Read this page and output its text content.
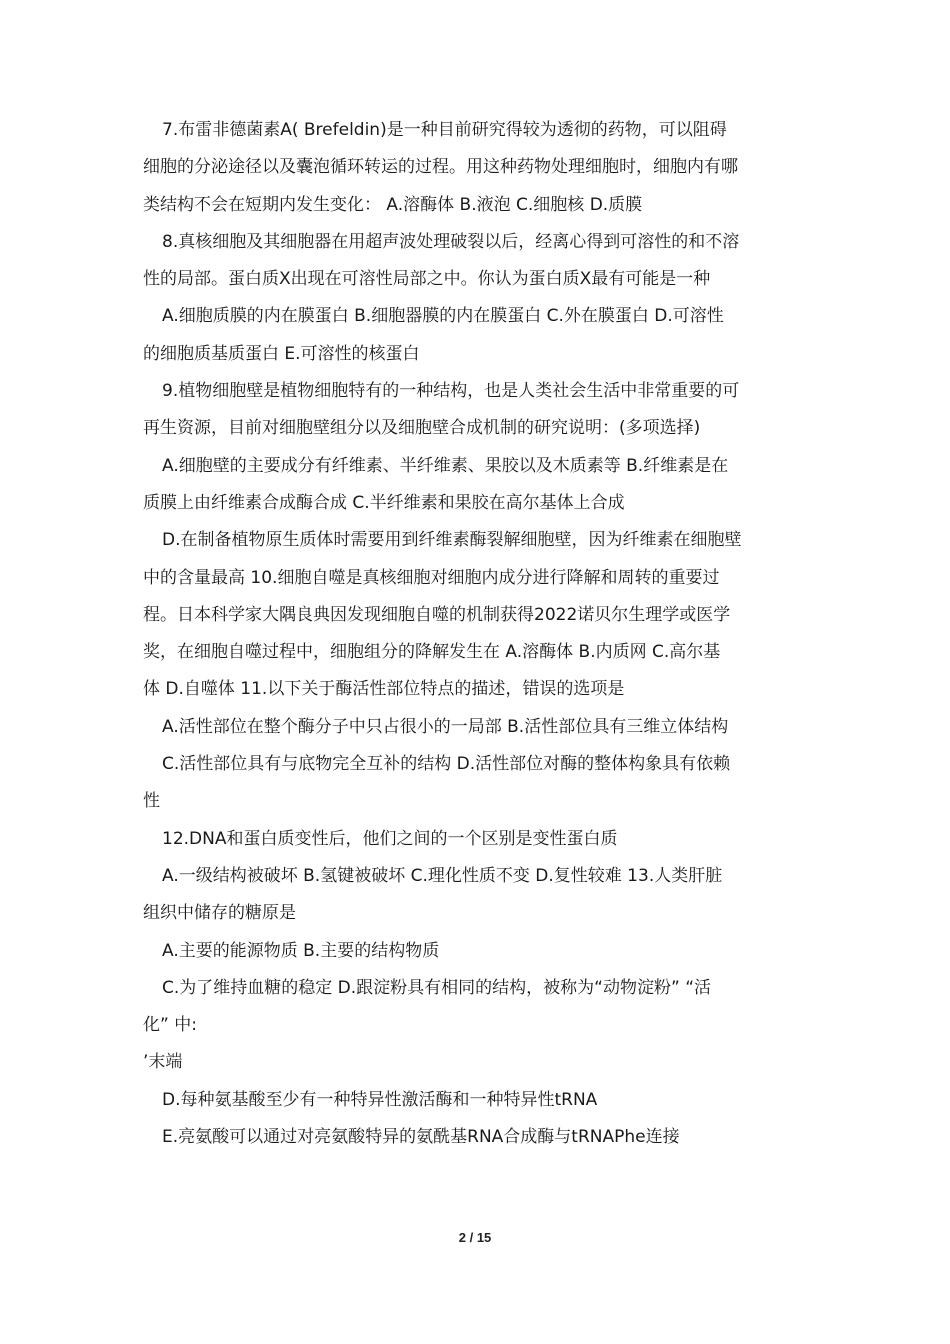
7.布雷非德菌素A( Brefeldin)是一种目前研究得较为透彻的药物，可以阻碍
细胞的分泌途径以及囊泡循环转运的过程。用这种药物处理细胞时，细胞内有哪
类结构不会在短期内发生变化： A.溶酶体 B.液泡 C.细胞核 D.质膜
8.真核细胞及其细胞器在用超声波处理破裂以后，经离心得到可溶性的和不溶
性的局部。蛋白质X出现在可溶性局部之中。你认为蛋白质X最有可能是一种
A.细胞质膜的内在膜蛋白 B.细胞器膜的内在膜蛋白 C.外在膜蛋白 D.可溶性
的细胞质基质蛋白 E.可溶性的核蛋白
9.植物细胞壁是植物细胞特有的一种结构，也是人类社会生活中非常重要的可
再生资源，目前对细胞壁组分以及细胞壁合成机制的研究说明：(多项选择)
A.细胞壁的主要成分有纤维素、半纤维素、果胶以及木质素等 B.纤维素是在
质膜上由纤维素合成酶合成 C.半纤维素和果胶在高尔基体上合成
D.在制备植物原生质体时需要用到纤维素酶裂解细胞壁，因为纤维素在细胞壁
中的含量最高 10.细胞自噬是真核细胞对细胞内成分进行降解和周转的重要过
程。日本科学家大隅良典因发现细胞自噬的机制获得2022诺贝尔生理学或医学
奖，在细胞自噬过程中，细胞组分的降解发生在 A.溶酶体 B.内质网 C.高尔基
体 D.自噬体 11.以下关于酶活性部位特点的描述，错误的选项是
A.活性部位在整个酶分子中只占很小的一局部 B.活性部位具有三维立体结构
C.活性部位具有与底物完全互补的结构 D.活性部位对酶的整体构象具有依赖
性
12.DNA和蛋白质变性后，他们之间的一个区别是变性蛋白质
A.一级结构被破坏 B.氢键被破坏 C.理化性质不变 D.复性较难 13.人类肝脏
组织中储存的糖原是
A.主要的能源物质 B.主要的结构物质
C.为了维持血糖的稳定 D.跟淀粉具有相同的结构，被称为“动物淀粉” “活
化” 中:
’末端
D.每种氨基酸至少有一种特异性激活酶和一种特异性tRNA
E.亮氨酸可以通过对亮氨酸特异的氨酰基RNA合成酶与tRNAPhe连接
2 / 15
